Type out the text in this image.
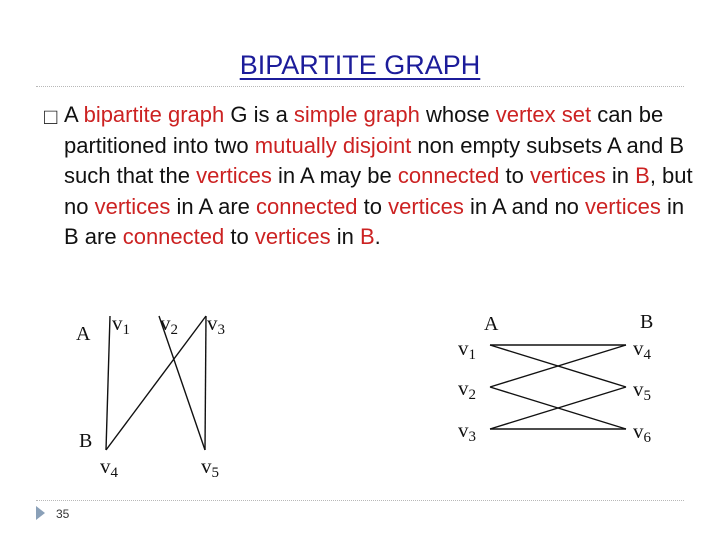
BIPARTITE GRAPH
□ A bipartite graph G is a simple graph whose vertex set can be partitioned into two mutually disjoint non empty subsets A and B such that the vertices in A may be connected to vertices in B, but no vertices in A are connected to vertices in A and no vertices in B are connected to vertices in B.
A
B
v1 v2 v3
v4	v5
A	B
v1
v2
v3
v4
v5
v6
35
